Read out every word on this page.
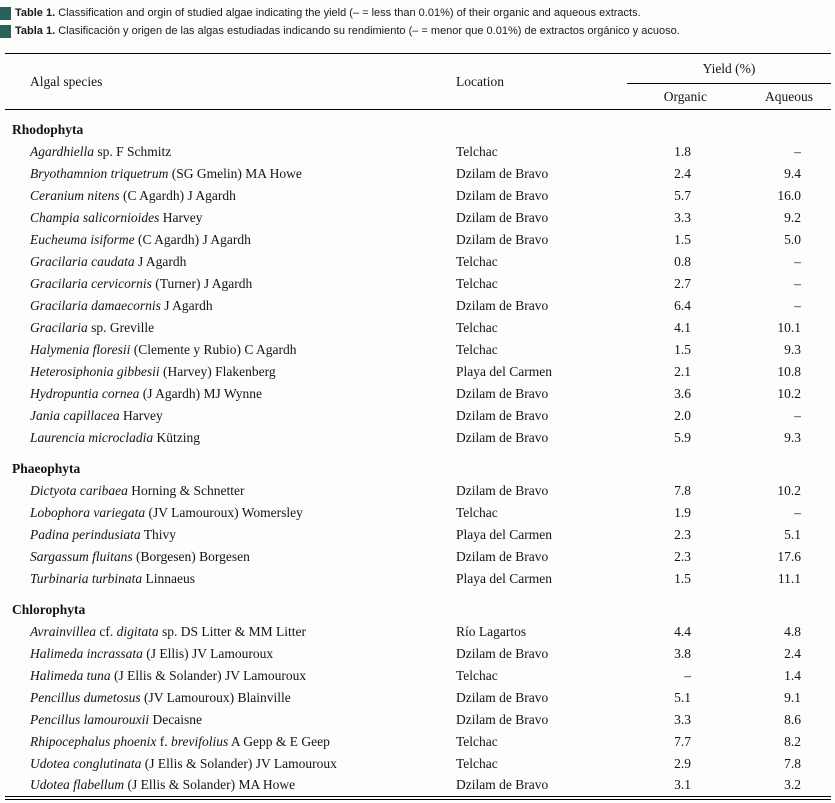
Table 1. Classification and orgin of studied algae indicating the yield (– = less than 0.01%) of their organic and aqueous extracts.
Tabla 1. Clasificación y origen de las algas estudiadas indicando su rendimiento (– = menor que 0.01%) de extractos orgánico y acuoso.
Algal species	Location	Yield (%)	
		Organic	Aqueous
Rhodophyta			
Agardhiella sp. F Schmitz	Telchac	1.8	–
Bryothamnion triquetrum (SG Gmelin) MA Howe	Dzilam de Bravo	2.4	9.4
Ceranium nitens (C Agardh) J Agardh	Dzilam de Bravo	5.7	16.0
Champia salicornioides Harvey	Dzilam de Bravo	3.3	9.2
Eucheuma isiforme (C Agardh) J Agardh	Dzilam de Bravo	1.5	5.0
Gracilaria caudata J Agardh	Telchac	0.8	–
Gracilaria cervicornis (Turner) J Agardh	Telchac	2.7	–
Gracilaria damaecornis J Agardh	Dzilam de Bravo	6.4	–
Gracilaria sp. Greville	Telchac	4.1	10.1
Halymenia floresii (Clemente y Rubio) C Agardh	Telchac	1.5	9.3
Heterosiphonia gibbesii (Harvey) Flakenberg	Playa del Carmen	2.1	10.8
Hydropuntia cornea (J Agardh) MJ Wynne	Dzilam de Bravo	3.6	10.2
Jania capillacea Harvey	Dzilam de Bravo	2.0	–
Laurencia microcladia Kützing	Dzilam de Bravo	5.9	9.3
Phaeophyta			
Dictyota caribaea Horning & Schnetter	Dzilam de Bravo	7.8	10.2
Lobophora variegata (JV Lamouroux) Womersley	Telchac	1.9	–
Padina perindusiata Thivy	Playa del Carmen	2.3	5.1
Sargassum fluitans (Borgesen) Borgesen	Dzilam de Bravo	2.3	17.6
Turbinaria turbinata Linnaeus	Playa del Carmen	1.5	11.1
Chlorophyta			
Avrainvillea cf. digitata sp. DS Litter & MM Litter	Río Lagartos	4.4	4.8
Halimeda incrassata (J Ellis) JV Lamouroux	Dzilam de Bravo	3.8	2.4
Halimeda tuna (J Ellis & Solander) JV Lamouroux	Telchac	–	1.4
Pencillus dumetosus (JV Lamouroux) Blainville	Dzilam de Bravo	5.1	9.1
Pencillus lamourouxii Decaisne	Dzilam de Bravo	3.3	8.6
Rhipocephalus phoenix f. brevifolius A Gepp & E Geep	Telchac	7.7	8.2
Udotea conglutinata (J Ellis & Solander) JV Lamouroux	Telchac	2.9	7.8
Udotea flabellum (J Ellis & Solander) MA Howe	Dzilam de Bravo	3.1	3.2
